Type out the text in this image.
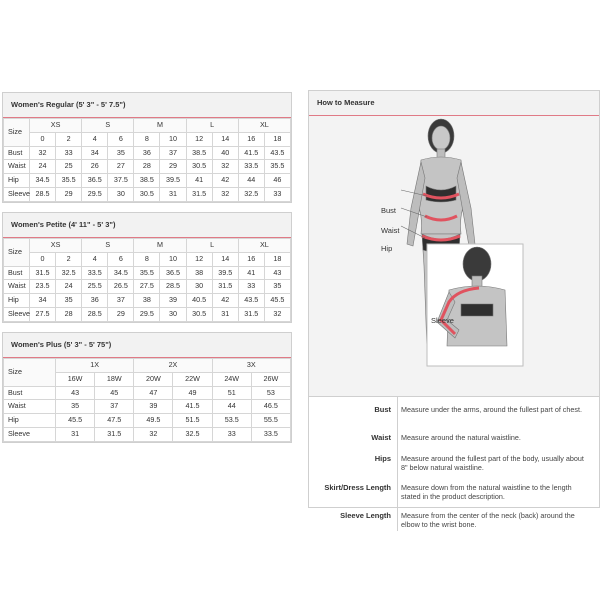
Women's Regular (5' 3" - 5' 7.5")
Size	XS		S		M		L		XL	
	0	2	4	6	8	10	12	14	16	18
Bust	32	33	34	35	36	37	38.5	40	41.5	43.5
Waist	24	25	26	27	28	29	30.5	32	33.5	35.5
Hip	34.5	35.5	36.5	37.5	38.5	39.5	41	42	44	46
Sleeve	28.5	29	29.5	30	30.5	31	31.5	32	32.5	33
Women's Petite (4' 11" - 5' 3")
Size	XS		S		M		L		XL	
	0	2	4	6	8	10	12	14	16	18
Bust	31.5	32.5	33.5	34.5	35.5	36.5	38	39.5	41	43
Waist	23.5	24	25.5	26.5	27.5	28.5	30	31.5	33	35
Hip	34	35	36	37	38	39	40.5	42	43.5	45.5
Sleeve	27.5	28	28.5	29	29.5	30	30.5	31	31.5	32
Women's Plus (5' 3" - 5' 75")
Size	1X		2X		3X	
	16W	18W	20W	22W	24W	26W
Bust	43	45	47	49	51	53
Waist	35	37	39	41.5	44	46.5
Hip	45.5	47.5	49.5	51.5	53.5	55.5
Sleeve	31	31.5	32	32.5	33	33.5
How to Measure
Bust
Waist
Hip
Sleeve
Bust Measure under the arms, around the fullest part of chest.
Waist Measure around the natural waistline.
Hips Measure around the fullest part of the body, usually about 8" below natural waistline.
Skirt/Dress Length Measure down from the natural waistline to the length stated in the product description.
Sleeve Length Measure from the center of the neck (back) around the elbow to the wrist bone.
